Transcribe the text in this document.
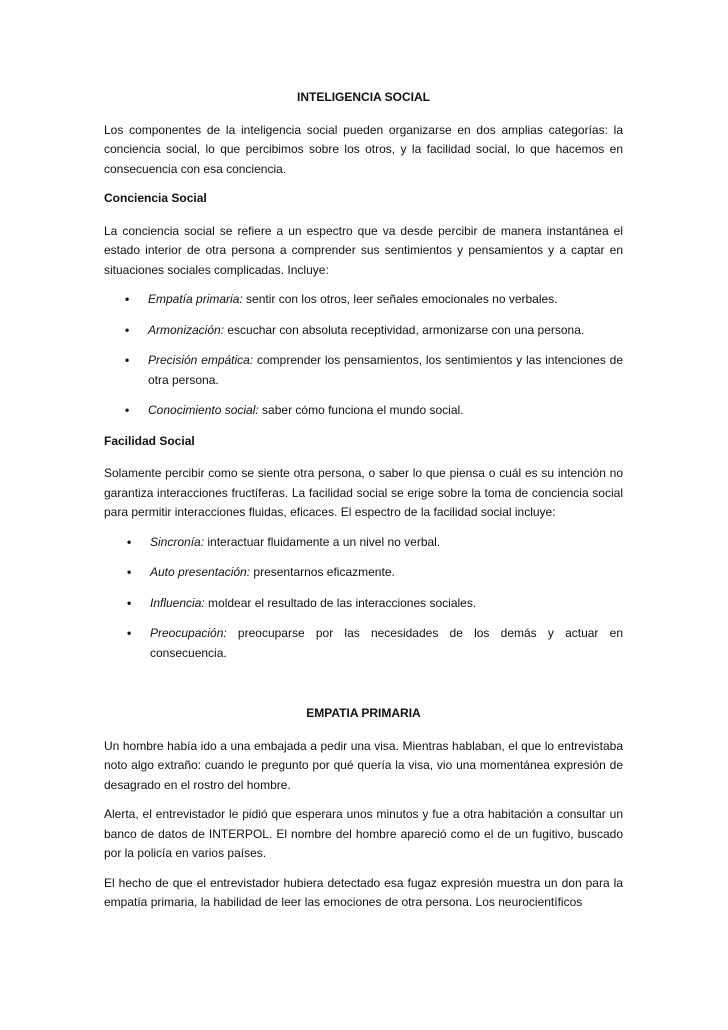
INTELIGENCIA SOCIAL

Los componentes de la inteligencia social pueden organizarse en dos amplias categorías: la conciencia social, lo que percibimos sobre los otros, y la facilidad social, lo que hacemos en consecuencia con esa conciencia.

Conciencia Social

La conciencia social se refiere a un espectro que va desde percibir de manera instantánea el estado interior de otra persona a comprender sus sentimientos y pensamientos y a captar en situaciones sociales complicadas. Incluye:

• Empatía primaria: sentir con los otros, leer señales emocionales no verbales.
• Armonización: escuchar con absoluta receptividad, armonizarse con una persona.
• Precisión empática: comprender los pensamientos, los sentimientos y las intenciones de otra persona.
• Conocimiento social: saber cómo funciona el mundo social.
Facilidad Social

Solamente percibir como se siente otra persona, o saber lo que piensa o cuál es su intención no garantiza interacciones fructíferas. La facilidad social se erige sobre la toma de conciencia social para permitir interacciones fluidas, eficaces. El espectro de la facilidad social incluye:

• Sincronía: interactuar fluidamente a un nivel no verbal.
• Auto presentación: presentarnos eficazmente.
• Influencia: moldear el resultado de las interacciones sociales.
• Preocupación: preocuparse por las necesidades de los demás y actuar en consecuencia.
EMPATIA PRIMARIA

Un hombre había ido a una embajada a pedir una visa. Mientras hablaban, el que lo entrevistaba noto algo extraño: cuando le pregunto por qué quería la visa, vio una momentánea expresión de desagrado en el rostro del hombre.

Alerta, el entrevistador le pidió que esperara unos minutos y fue a otra habitación a consultar un banco de datos de INTERPOL. El nombre del hombre apareció como el de un fugitivo, buscado por la policía en varios países.

El hecho de que el entrevistador hubiera detectado esa fugaz expresión muestra un don para la empatía primaria, la habilidad de leer las emociones de otra persona. Los neurocientíficos
